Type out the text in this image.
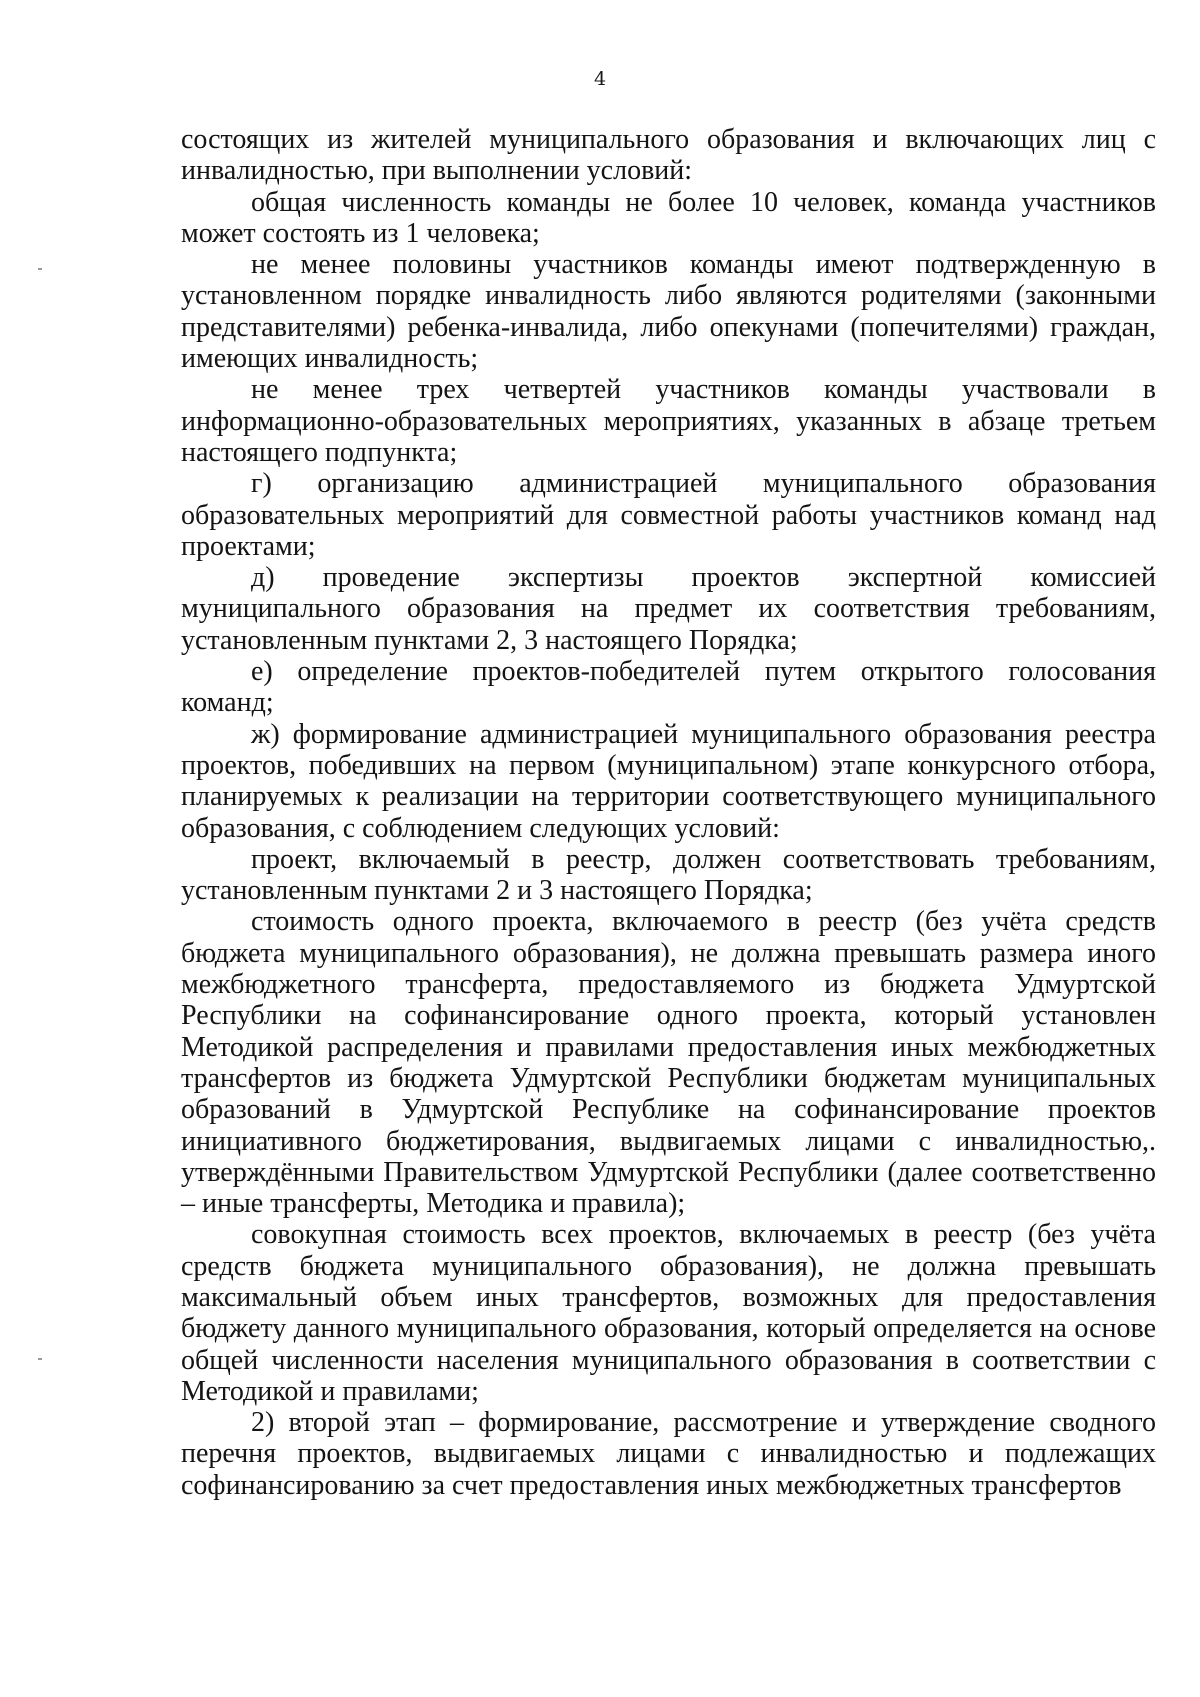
4

состоящих из жителей муниципального образования и включающих лиц с инвалидностью, при выполнении условий:

общая численность команды не более 10 человек, команда участников может состоять из 1 человека;

не менее половины участников команды имеют подтвержденную в установленном порядке инвалидность либо являются родителями (законными представителями) ребенка-инвалида, либо опекунами (попечителями) граждан, имеющих инвалидность;

не менее трех четвертей участников команды участвовали в информационно-образовательных мероприятиях, указанных в абзаце третьем настоящего подпункта;

г) организацию администрацией муниципального образования образовательных мероприятий для совместной работы участников команд над проектами;

д) проведение экспертизы проектов экспертной комиссией муниципального образования на предмет их соответствия требованиям, установленным пунктами 2, 3 настоящего Порядка;

е) определение проектов-победителей путем открытого голосования команд;

ж) формирование администрацией муниципального образования реестра проектов, победивших на первом (муниципальном) этапе конкурсного отбора, планируемых к реализации на территории соответствующего муниципального образования, с соблюдением следующих условий:

проект, включаемый в реестр, должен соответствовать требованиям, установленным пунктами 2 и 3 настоящего Порядка;

стоимость одного проекта, включаемого в реестр (без учёта средств бюджета муниципального образования), не должна превышать размера иного межбюджетного трансферта, предоставляемого из бюджета Удмуртской Республики на софинансирование одного проекта, который установлен Методикой распределения и правилами предоставления иных межбюджетных трансфертов из бюджета Удмуртской Республики бюджетам муниципальных образований в Удмуртской Республике на софинансирование проектов инициативного бюджетирования, выдвигаемых лицами с инвалидностью,. утверждёнными Правительством Удмуртской Республики (далее соответственно – иные трансферты, Методика и правила);

совокупная стоимость всех проектов, включаемых в реестр (без учёта средств бюджета муниципального образования), не должна превышать максимальный объем иных трансфертов, возможных для предоставления бюджету данного муниципального образования, который определяется на основе общей численности населения муниципального образования в соответствии с Методикой и правилами;

2) второй этап – формирование, рассмотрение и утверждение сводного перечня проектов, выдвигаемых лицами с инвалидностью и подлежащих софинансированию за счет предоставления иных межбюджетных трансфертов
